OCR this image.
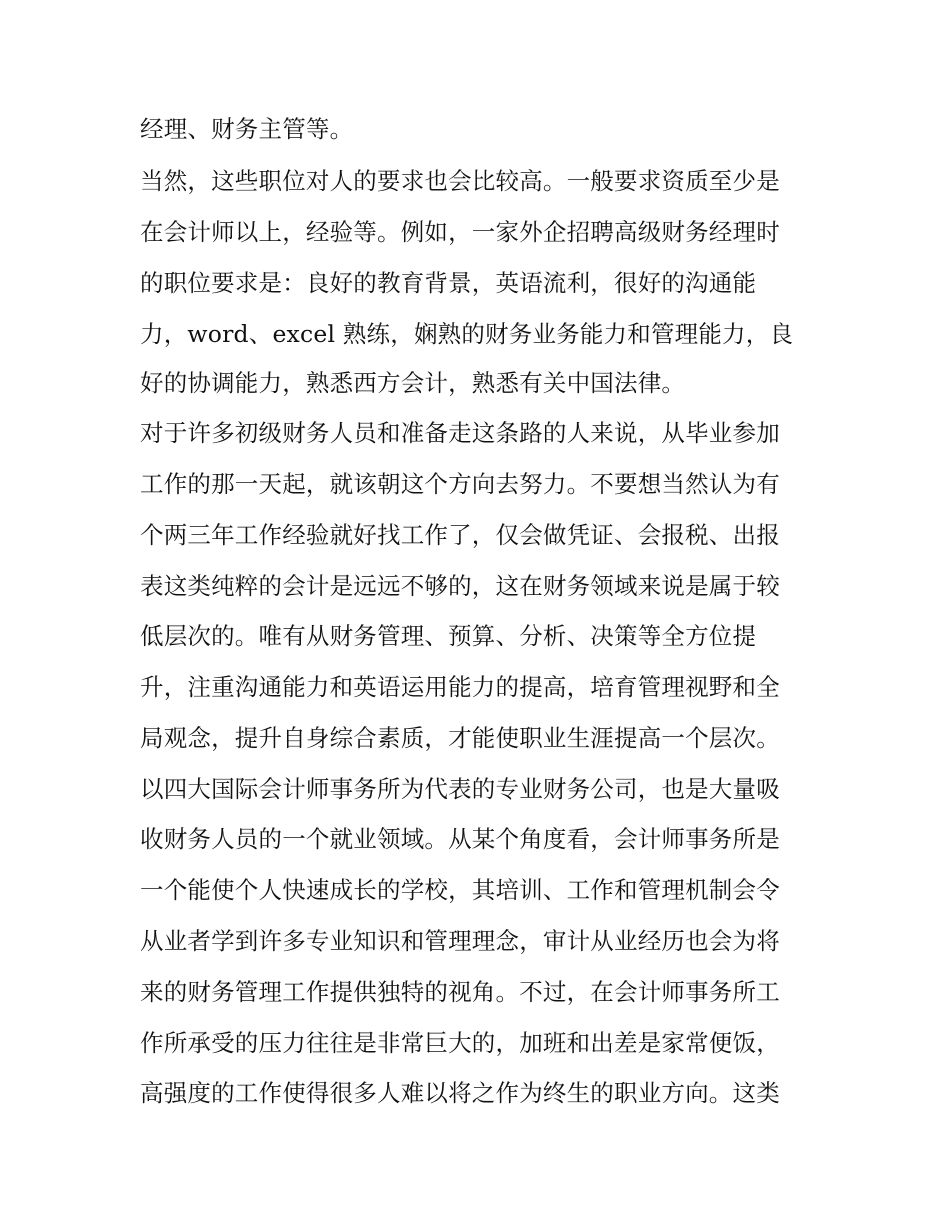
经理、财务主管等。
当然，这些职位对人的要求也会比较高。一般要求资质至少是
在会计师以上，经验等。例如，一家外企招聘高级财务经理时
的职位要求是：良好的教育背景，英语流利，很好的沟通能
力，word、excel 熟练，娴熟的财务业务能力和管理能力，良
好的协调能力，熟悉西方会计，熟悉有关中国法律。
对于许多初级财务人员和准备走这条路的人来说，从毕业参加
工作的那一天起，就该朝这个方向去努力。不要想当然认为有
个两三年工作经验就好找工作了，仅会做凭证、会报税、出报
表这类纯粹的会计是远远不够的，这在财务领域来说是属于较
低层次的。唯有从财务管理、预算、分析、决策等全方位提
升，注重沟通能力和英语运用能力的提高，培育管理视野和全
局观念，提升自身综合素质，才能使职业生涯提高一个层次。
以四大国际会计师事务所为代表的专业财务公司，也是大量吸
收财务人员的一个就业领域。从某个角度看，会计师事务所是
一个能使个人快速成长的学校，其培训、工作和管理机制会令
从业者学到许多专业知识和管理理念，审计从业经历也会为将
来的财务管理工作提供独特的视角。不过，在会计师事务所工
作所承受的压力往往是非常巨大的，加班和出差是家常便饭，
高强度的工作使得很多人难以将之作为终生的职业方向。这类
